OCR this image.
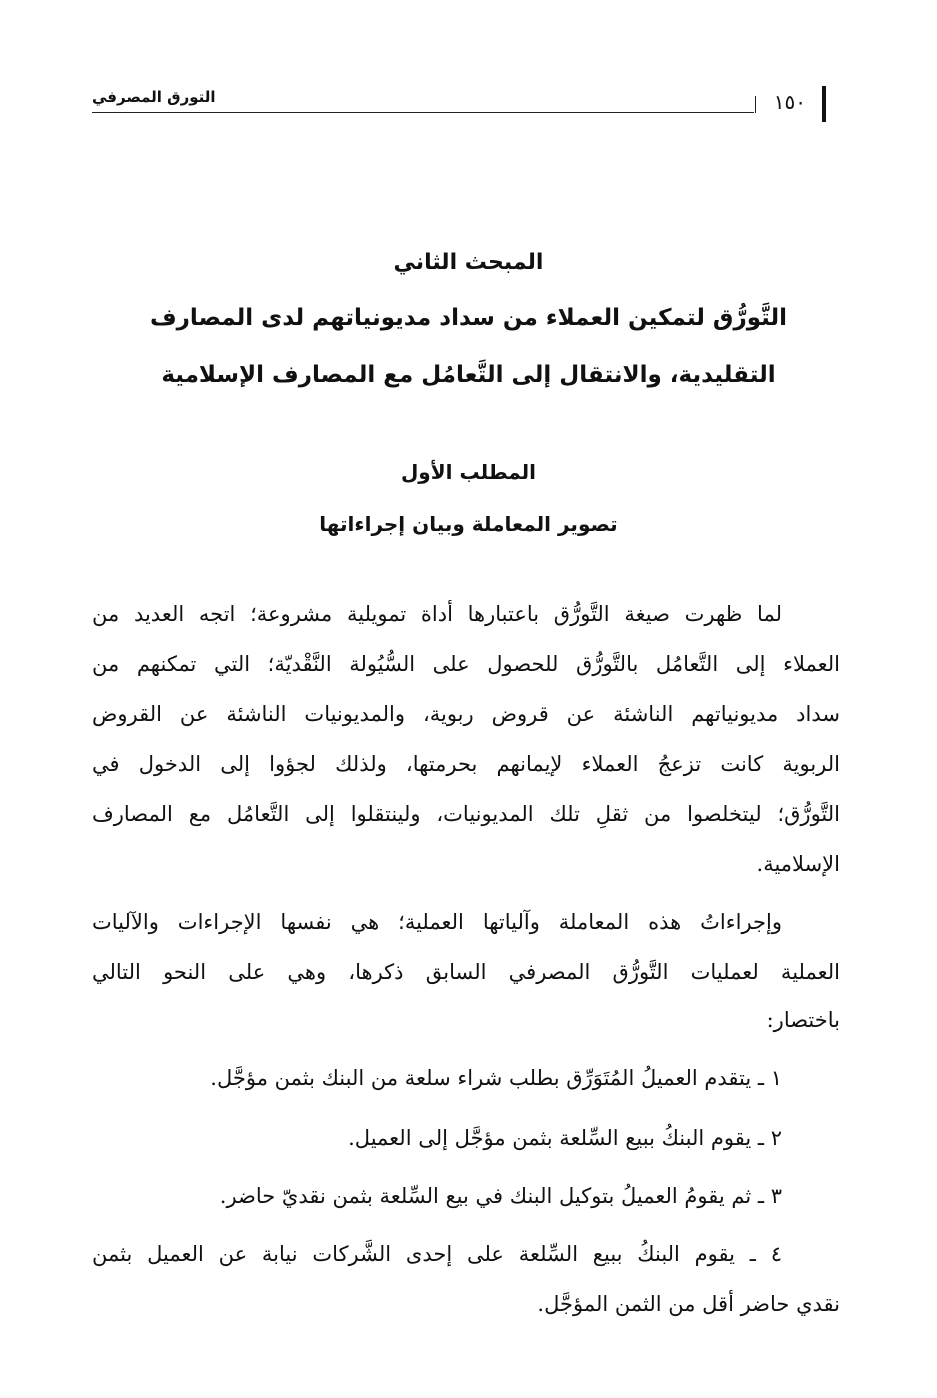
التورق المصرفي	١٥٠
المبحث الثاني
التَّورُّق لتمكين العملاء من سداد مديونياتهم لدى المصارف
التقليدية، والانتقال إلى التَّعامُل مع المصارف الإسلامية
المطلب الأول
تصوير المعاملة وبيان إجراءاتها
لما ظهرت صيغة التَّورُّق باعتبارها أداة تمويلية مشروعة؛ اتجه العديد من
العملاء إلى التَّعامُل بالتَّورُّق للحصول على السُّيُولة النَّقْديّة؛ التي تمكنهم من
سداد مديونياتهم الناشئة عن قروض ربوية، والمديونيات الناشئة عن القروض
الربوية كانت تزعجُ العملاء لإيمانهم بحرمتها، ولذلك لجؤوا إلى الدخول في
التَّورُّق؛ ليتخلصوا من ثقلِ تلك المديونيات، ولينتقلوا إلى التَّعامُل مع المصارف
الإسلامية.
وإجراءاتُ هذه المعاملة وآلياتها العملية؛ هي نفسها الإجراءات والآليات
العملية لعمليات التَّورُّق المصرفي السابق ذكرها، وهي على النحو التالي
باختصار:
١ ـ يتقدم العميلُ المُتَوَرِّق بطلب شراء سلعة من البنك بثمن مؤجَّل.
٢ ـ يقوم البنكُ ببيع السِّلعة بثمن مؤجَّل إلى العميل.
٣ ـ ثم يقومُ العميلُ بتوكيل البنك في بيع السِّلعة بثمن نقديّ حاضر.
٤ ـ يقوم البنكُ ببيع السِّلعة على إحدى الشَّركات نيابة عن العميل بثمن
نقدي حاضر أقل من الثمن المؤجَّل.
